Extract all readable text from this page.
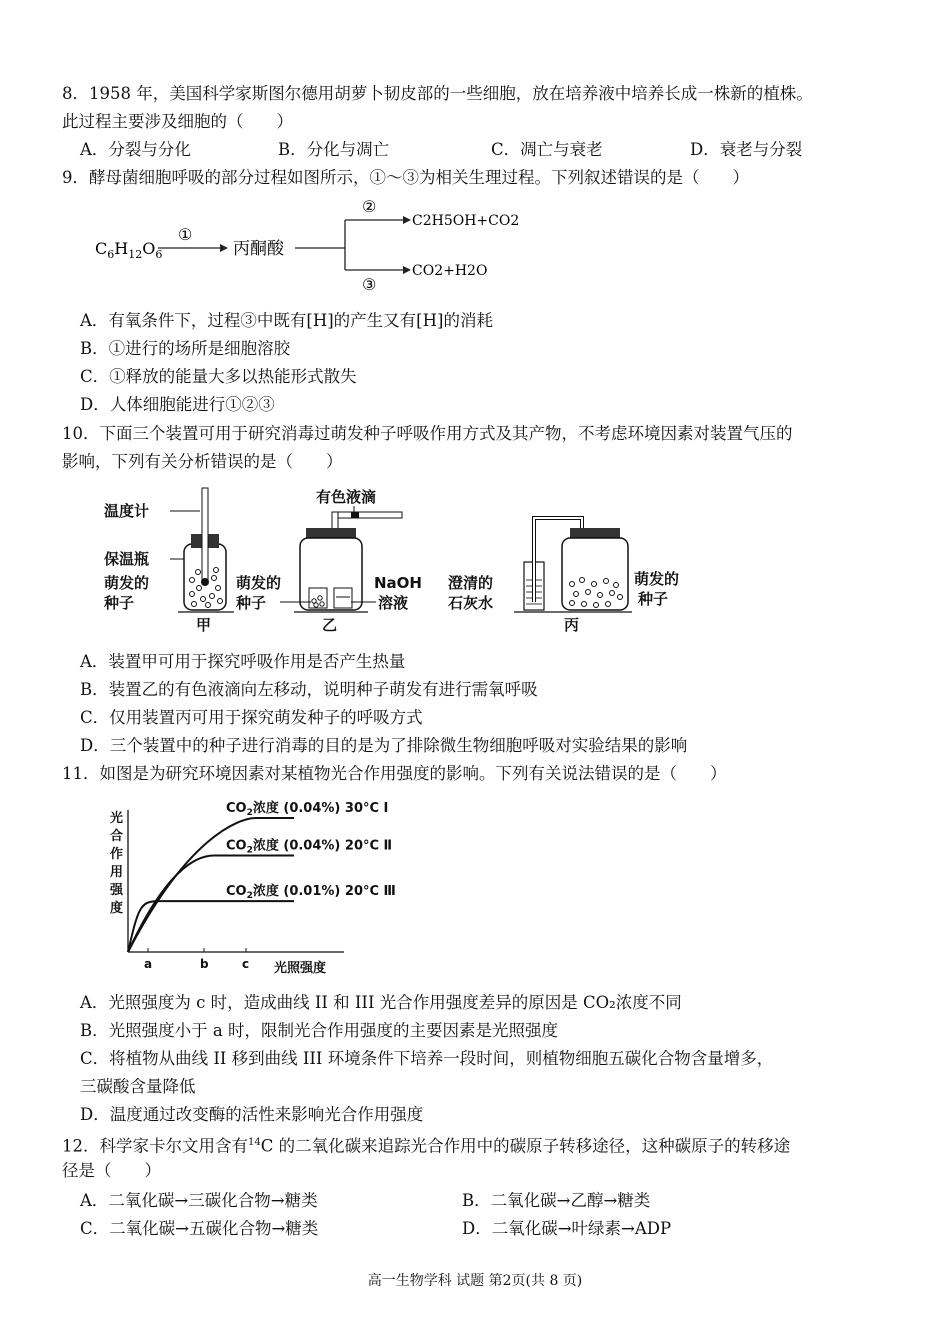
8．1958 年，美国科学家斯图尔德用胡萝卜韧皮部的一些细胞，放在培养液中培养长成一株新的植株。
此过程主要涉及细胞的（　　）
A．分裂与分化	B．分化与凋亡	C．凋亡与衰老	D．衰老与分裂
9．酵母菌细胞呼吸的部分过程如图所示，①～③为相关生理过程。下列叙述错误的是（　　）
$C_6H_{12}O_6$
①
丙酮酸
②
③
C2H5OH+CO2
CO2+H2O
A．有氧条件下，过程③中既有[H]的产生又有[H]的消耗
B．①进行的场所是细胞溶胶
C．①释放的能量大多以热能形式散失
D．人体细胞能进行①②③
10．下面三个装置可用于研究消毒过萌发种子呼吸作用方式及其产物，不考虑环境因素对装置气压的
影响，下列有关分析错误的是（　　）
温度计
保温瓶
萌发的
种子
甲
有色液滴
萌发的
种子
NaOH
溶液
乙
澄清的
石灰水
萌发的
种子
丙
A．装置甲可用于探究呼吸作用是否产生热量
B．装置乙的有色液滴向左移动，说明种子萌发有进行需氧呼吸
C．仅用装置丙可用于探究萌发种子的呼吸方式
D．三个装置中的种子进行消毒的目的是为了排除微生物细胞呼吸对实验结果的影响
11．如图是为研究环境因素对某植物光合作用强度的影响。下列有关说法错误的是（　　）
光合作用强度
光照强度
a	b	c
$CO_2$浓度 (0.04%) 30°C Ⅰ
$CO_2$浓度 (0.04%) 20°C Ⅱ
$CO_2$浓度 (0.01%) 20°C Ⅲ
A．光照强度为 c 时，造成曲线 II 和 III 光合作用强度差异的原因是 CO₂浓度不同
B．光照强度小于 a 时，限制光合作用强度的主要因素是光照强度
C．将植物从曲线 II 移到曲线 III 环境条件下培养一段时间，则植物细胞五碳化合物含量增多，
三碳酸含量降低
D．温度通过改变酶的活性来影响光合作用强度
12．科学家卡尔文用含有$^{14}$C 的二氧化碳来追踪光合作用中的碳原子转移途径，这种碳原子的转移途
径是（　　）
A．二氧化碳→三碳化合物→糖类	B．二氧化碳→乙醇→糖类
C．二氧化碳→五碳化合物→糖类	D．二氧化碳→叶绿素→ADP
高一生物学科 试题 第2页(共 8 页)
